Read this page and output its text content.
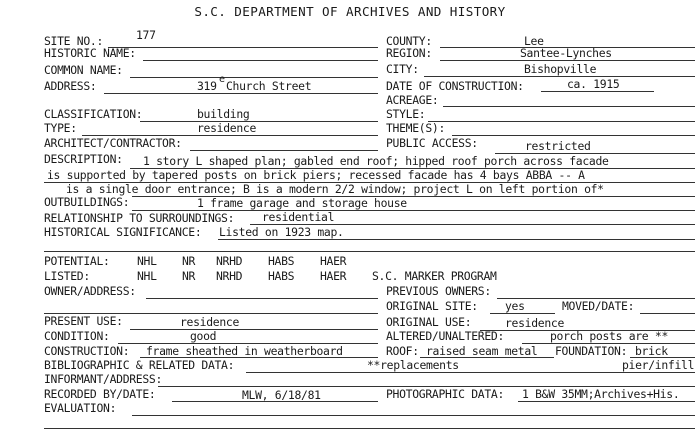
S.C. DEPARTMENT OF ARCHIVES AND HISTORY
SITE NO.:	177
HISTORIC NAME:
COMMON NAME:
ADDRESS:	319 e Church Street
COUNTY:	Lee
REGION:	Santee-Lynches
CITY:	Bishopville
DATE OF CONSTRUCTION:	ca. 1915
ACREAGE:
CLASSIFICATION:	building
TYPE:	residence
ARCHITECT/CONTRACTOR:
STYLE:
THEME(S):
PUBLIC ACCESS:	restricted
DESCRIPTION: 1 story L shaped plan; gabled end roof; hipped roof porch across facade
is supported by tapered posts on brick piers; recessed facade has 4 bays ABBA -- A
is a single door entrance; B is a modern 2/2 window; project L on left portion of*
OUTBUILDINGS:	1 frame garage and storage house
RELATIONSHIP TO SURROUNDINGS: residential
HISTORICAL SIGNIFICANCE: Listed on 1923 map.
POTENTIAL: NHL NR NRHD HABS HAER
LISTED:	NHL NR NRHD HABS HAER S.C. MARKER PROGRAM
OWNER/ADDRESS:	PREVIOUS OWNERS:
ORIGINAL SITE: yes	MOVED/DATE:
PRESENT USE:	residence	ORIGINAL USE:	residence
CONDITION:	good	ALTERED/UNALTERED:	porch posts are **
CONSTRUCTION: frame sheathed in weatherboard	ROOF: raised seam metal FOUNDATION: brick
BIBLIOGRAPHIC & RELATED DATA:	**replacements	pier/infill
INFORMANT/ADDRESS:
RECORDED BY/DATE:	MLW, 6/18/81	PHOTOGRAPHIC DATA: 1 B&W 35MM;Archives+His.
EVALUATION:
